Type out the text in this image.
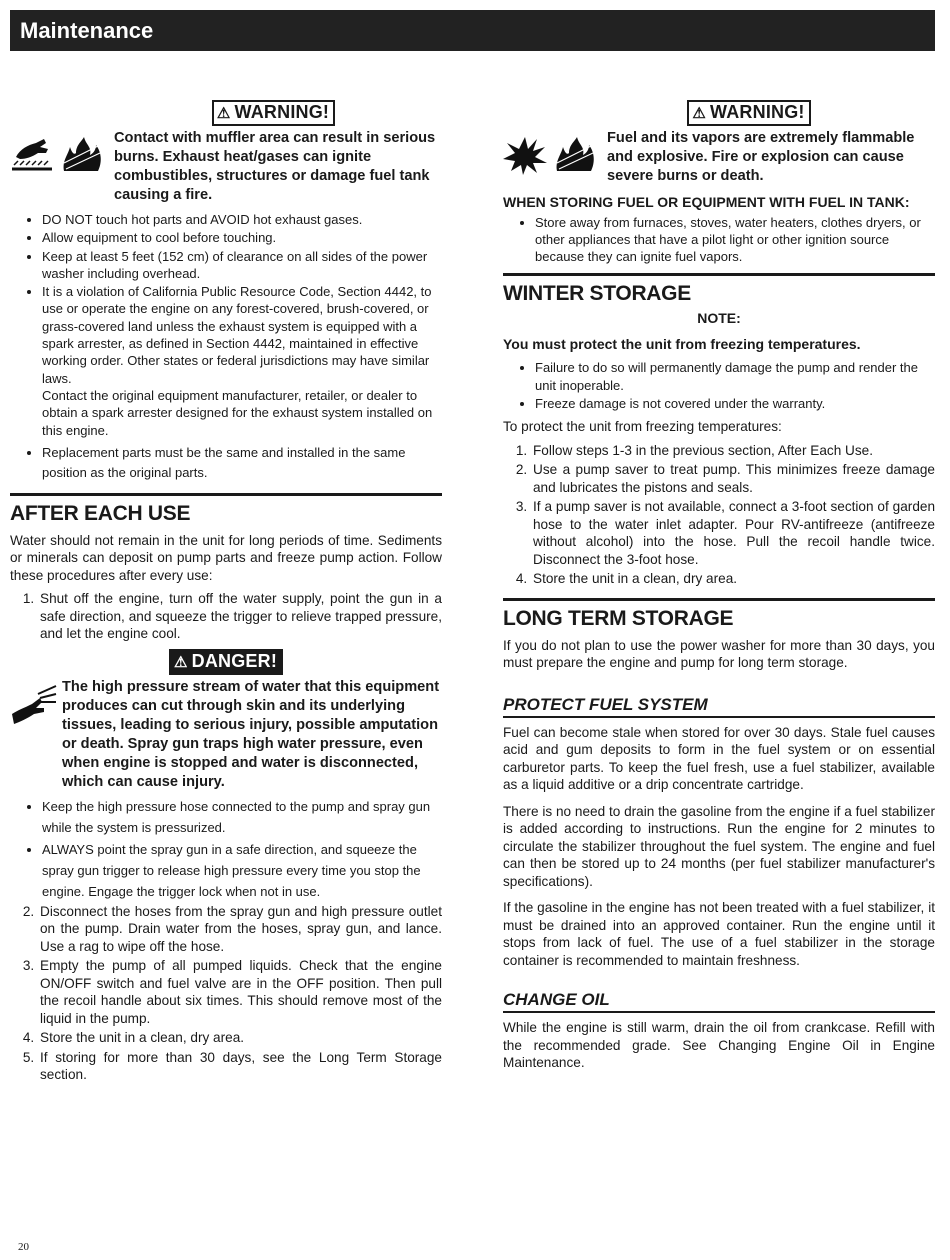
Maintenance
⚠ WARNING!
Contact with muffler area can result in serious burns. Exhaust heat/gases can ignite combustibles, structures or damage fuel tank causing a fire.
• DO NOT touch hot parts and AVOID hot exhaust gases.
• Allow equipment to cool before touching.
• Keep at least 5 feet (152 cm) of clearance on all sides of the power washer including overhead.
• It is a violation of California Public Resource Code, Section 4442, to use or operate the engine on any forest-covered, brush-covered, or grass-covered land unless the exhaust system is equipped with a spark arrester, as defined in Section 4442, maintained in effective working order. Other states or federal jurisdictions may have similar laws.
Contact the original equipment manufacturer, retailer, or dealer to obtain a spark arrester designed for the exhaust system installed on this engine.
• Replacement parts must be the same and installed in the same position as the original parts.
AFTER EACH USE

Water should not remain in the unit for long periods of time. Sediments or minerals can deposit on pump parts and freeze pump action. Follow these procedures after every use:

1. Shut off the engine, turn off the water supply, point the gun in a safe direction, and squeeze the trigger to relieve trapped pressure, and let the engine cool.
⚠ DANGER!
The high pressure stream of water that this equipment produces can cut through skin and its underlying tissues, leading to serious injury, possible amputation or death. Spray gun traps high water pressure, even when engine is stopped and water is disconnected, which can cause injury.
• Keep the high pressure hose connected to the pump and spray gun while the system is pressurized.
• ALWAYS point the spray gun in a safe direction, and squeeze the spray gun trigger to release high pressure every time you stop the engine. Engage the trigger lock when not in use.
2. Disconnect the hoses from the spray gun and high pressure outlet on the pump. Drain water from the hoses, spray gun, and lance. Use a rag to wipe off the hose.
3. Empty the pump of all pumped liquids. Check that the engine ON/OFF switch and fuel valve are in the OFF position. Then pull the recoil handle about six times. This should remove most of the liquid in the pump.
4. Store the unit in a clean, dry area.
5. If storing for more than 30 days, see the Long Term Storage section.
⚠ WARNING!
Fuel and its vapors are extremely flammable and explosive. Fire or explosion can cause severe burns or death.
WHEN STORING FUEL OR EQUIPMENT WITH FUEL IN TANK:
• Store away from furnaces, stoves, water heaters, clothes dryers, or other appliances that have a pilot light or other ignition source because they can ignite fuel vapors.
WINTER STORAGE
NOTE:
You must protect the unit from freezing temperatures.
• Failure to do so will permanently damage the pump and render the unit inoperable.
• Freeze damage is not covered under the warranty.

To protect the unit from freezing temperatures:

1. Follow steps 1-3 in the previous section, After Each Use.
2. Use a pump saver to treat pump. This minimizes freeze damage and lubricates the pistons and seals.
3. If a pump saver is not available, connect a 3-foot section of garden hose to the water inlet adapter. Pour RV-antifreeze (antifreeze without alcohol) into the hose. Pull the recoil handle twice. Disconnect the 3-foot hose.
4. Store the unit in a clean, dry area.
LONG TERM STORAGE

If you do not plan to use the power washer for more than 30 days, you must prepare the engine and pump for long term storage.

PROTECT FUEL SYSTEM

Fuel can become stale when stored for over 30 days. Stale fuel causes acid and gum deposits to form in the fuel system or on essential carburetor parts. To keep the fuel fresh, use a fuel stabilizer, available as a liquid additive or a drip concentrate cartridge.

There is no need to drain the gasoline from the engine if a fuel stabilizer is added according to instructions. Run the engine for 2 minutes to circulate the stabilizer throughout the fuel system. The engine and fuel can then be stored up to 24 months (per fuel stabilizer manufacturer's specifications).

If the gasoline in the engine has not been treated with a fuel stabilizer, it must be drained into an approved container. Run the engine until it stops from lack of fuel. The use of a fuel stabilizer in the storage container is recommended to maintain freshness.

CHANGE OIL

While the engine is still warm, drain the oil from crankcase. Refill with the recommended grade. See Changing Engine Oil in Engine Maintenance.

20
